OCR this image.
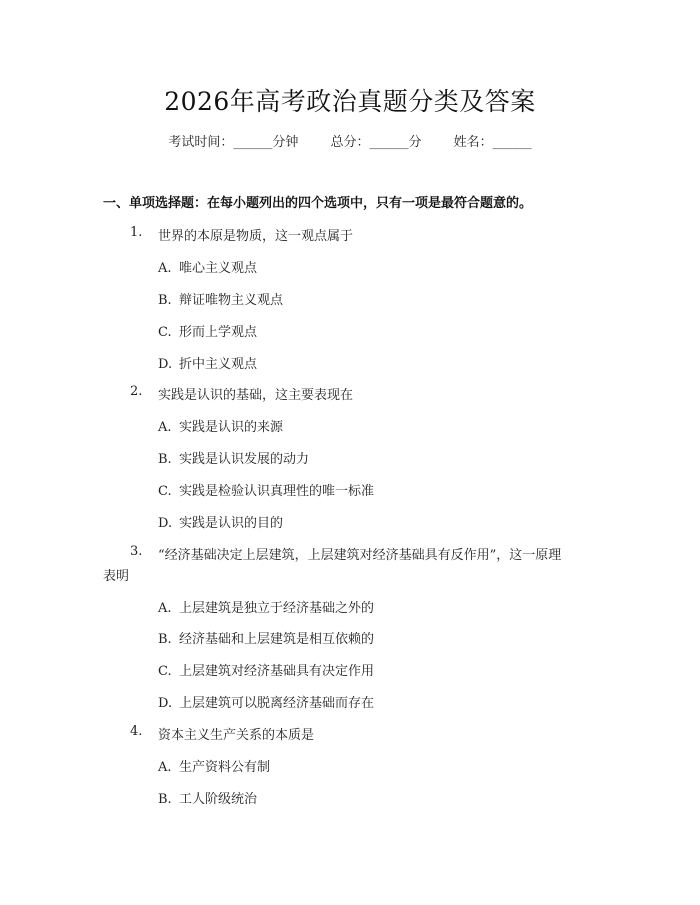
2026年高考政治真题分类及答案
考试时间：______分钟 总分：______分 姓名：______
一、单项选择题：在每小题列出的四个选项中，只有一项是最符合题意的。
1. 世界的本原是物质，这一观点属于
A. 唯心主义观点
B. 辩证唯物主义观点
C. 形而上学观点
D. 折中主义观点
2. 实践是认识的基础，这主要表现在
A. 实践是认识的来源
B. 实践是认识发展的动力
C. 实践是检验认识真理性的唯一标准
D. 实践是认识的目的
3. “经济基础决定上层建筑，上层建筑对经济基础具有反作用”，这一原理
表明
A. 上层建筑是独立于经济基础之外的
B. 经济基础和上层建筑是相互依赖的
C. 上层建筑对经济基础具有决定作用
D. 上层建筑可以脱离经济基础而存在
4. 资本主义生产关系的本质是
A. 生产资料公有制
B. 工人阶级统治
